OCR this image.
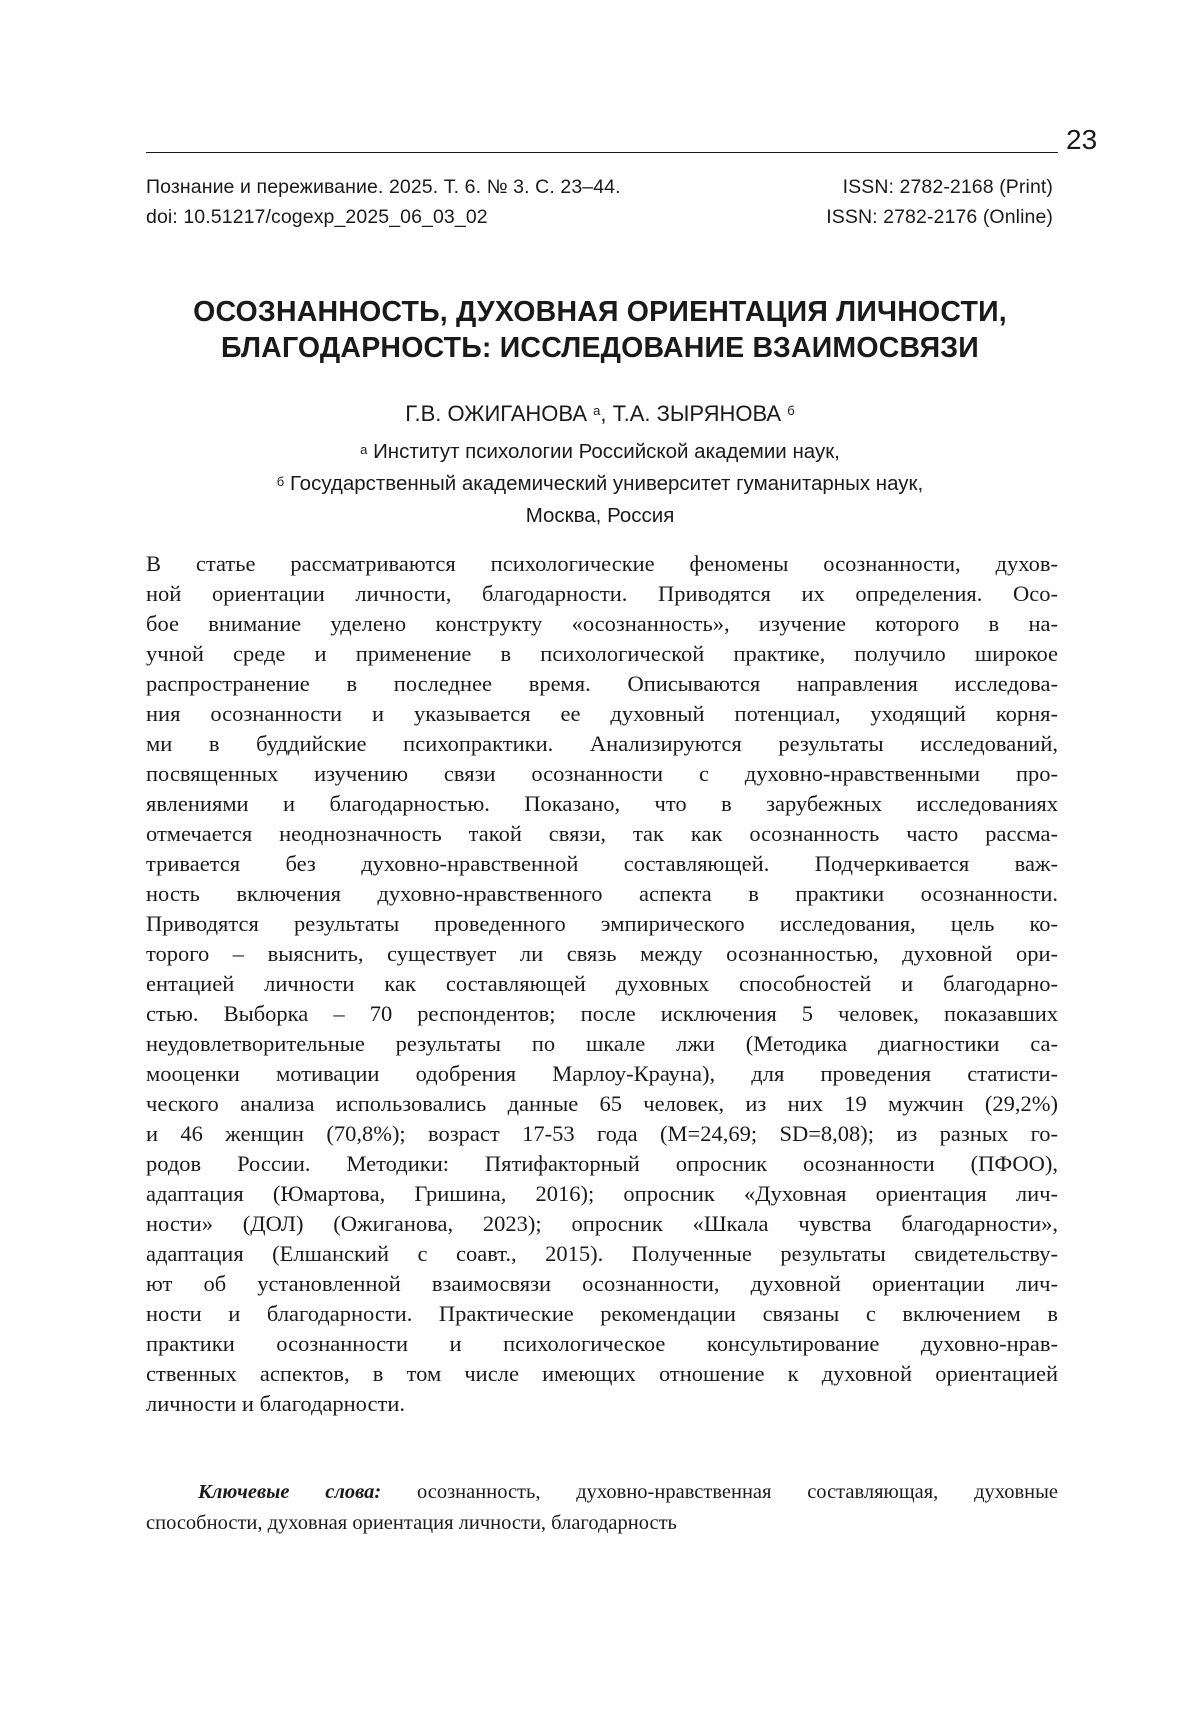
23
Познание и переживание. 2025. Т. 6. № 3. С. 23–44.
doi: 10.51217/cogexp_2025_06_03_02
ISSN: 2782-2168 (Print)
ISSN: 2782-2176 (Online)
ОСОЗНАННОСТЬ, ДУХОВНАЯ ОРИЕНТАЦИЯ ЛИЧНОСТИ,
БЛАГОДАРНОСТЬ: ИССЛЕДОВАНИЕ ВЗАИМОСВЯЗИ
Г.В. ОЖИГАНОВА $^а$, Т.А. ЗЫРЯНОВА $^б$
$^а$ Институт психологии Российской академии наук,
$^б$ Государственный академический университет гуманитарных наук,
Москва, Россия
В статье рассматриваются психологические феномены осознанности, духов-
ной ориентации личности, благодарности. Приводятся их определения. Осо-
бое внимание уделено конструкту «осознанность», изучение которого в на-
учной среде и применение в психологической практике, получило широкое
распространение в последнее время. Описываются направления исследова-
ния осознанности и указывается ее духовный потенциал, уходящий корня-
ми в буддийские психопрактики. Анализируются результаты исследований,
посвященных изучению связи осознанности с духовно-нравственными про-
явлениями и благодарностью. Показано, что в зарубежных исследованиях
отмечается неоднозначность такой связи, так как осознанность часто рассма-
тривается без духовно-нравственной составляющей. Подчеркивается важ-
ность включения духовно-нравственного аспекта в практики осознанности.
Приводятся результаты проведенного эмпирического исследования, цель ко-
торого – выяснить, существует ли связь между осознанностью, духовной ори-
ентацией личности как составляющей духовных способностей и благодарно-
стью. Выборка – 70 респондентов; после исключения 5 человек, показавших
неудовлетворительные результаты по шкале лжи (Методика диагностики са-
мооценки мотивации одобрения Марлоу-Крауна), для проведения статисти-
ческого анализа использовались данные 65 человек, из них 19 мужчин (29,2%)
и 46 женщин (70,8%); возраст 17-53 года (M=24,69; SD=8,08); из разных го-
родов России. Методики: Пятифакторный опросник осознанности (ПФОО),
адаптация (Юмартова, Гришина, 2016); опросник «Духовная ориентация лич-
ности» (ДОЛ) (Ожиганова, 2023); опросник «Шкала чувства благодарности»,
адаптация (Елшанский с соавт., 2015). Полученные результаты свидетельству-
ют об установленной взаимосвязи осознанности, духовной ориентации лич-
ности и благодарности. Практические рекомендации связаны с включением в
практики осознанности и психологическое консультирование духовно-нрав-
ственных аспектов, в том числе имеющих отношение к духовной ориентацией
личности и благодарности.
Ключевые слова: осознанность, духовно-нравственная составляющая, духовные
способности, духовная ориентация личности, благодарность
